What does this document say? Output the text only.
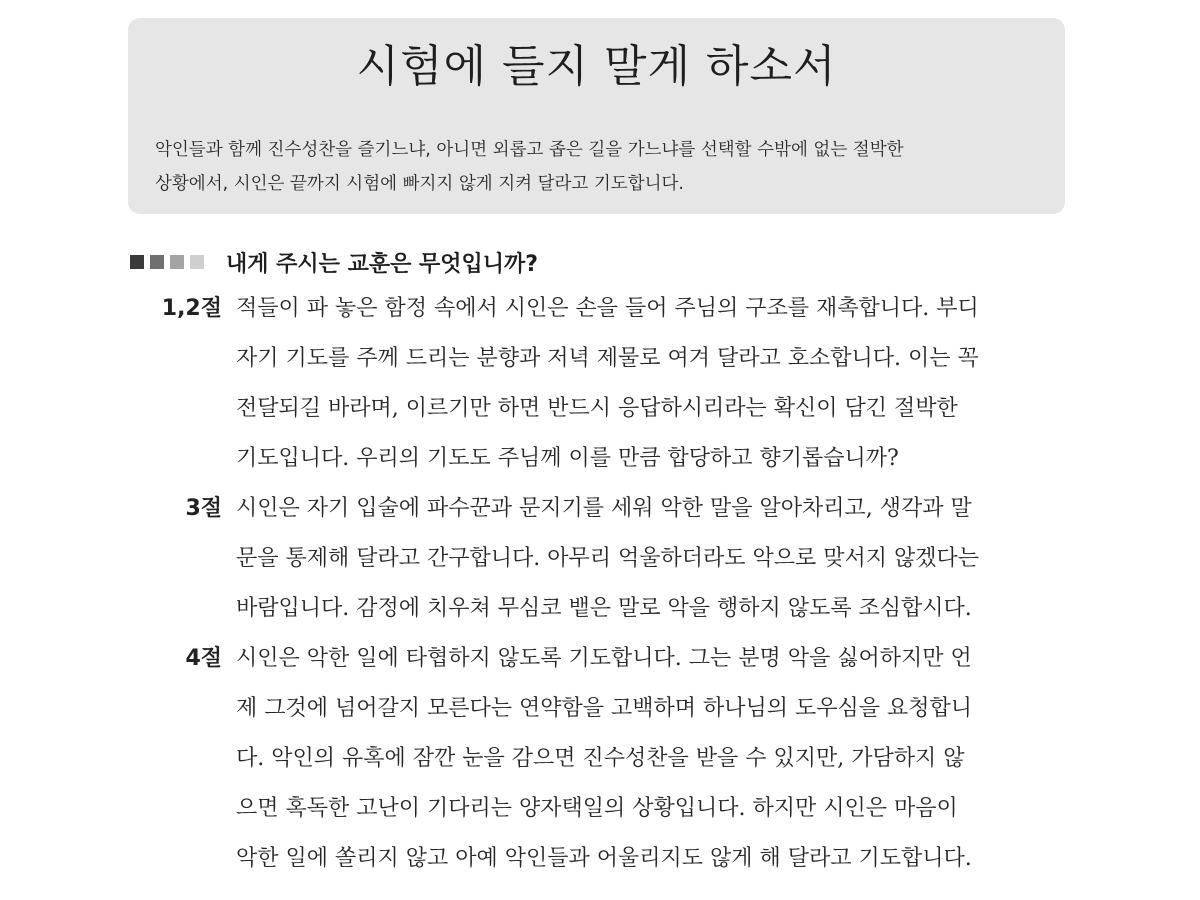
시험에 들지 말게 하소서

악인들과 함께 진수성찬을 즐기느냐, 아니면 외롭고 좁은 길을 가느냐를 선택할 수밖에 없는 절박한
상황에서, 시인은 끝까지 시험에 빠지지 않게 지켜 달라고 기도합니다.

내게 주시는 교훈은 무엇입니까?
1,2절 적들이 파 놓은 함정 속에서 시인은 손을 들어 주님의 구조를 재촉합니다. 부디
자기 기도를 주께 드리는 분향과 저녁 제물로 여겨 달라고 호소합니다. 이는 꼭
전달되길 바라며, 이르기만 하면 반드시 응답하시리라는 확신이 담긴 절박한
기도입니다. 우리의 기도도 주님께 이를 만큼 합당하고 향기롭습니까?
3절 시인은 자기 입술에 파수꾼과 문지기를 세워 악한 말을 알아차리고, 생각과 말
문을 통제해 달라고 간구합니다. 아무리 억울하더라도 악으로 맞서지 않겠다는
바람입니다. 감정에 치우쳐 무심코 뱉은 말로 악을 행하지 않도록 조심합시다.
4절 시인은 악한 일에 타협하지 않도록 기도합니다. 그는 분명 악을 싫어하지만 언
제 그것에 넘어갈지 모른다는 연약함을 고백하며 하나님의 도우심을 요청합니
다. 악인의 유혹에 잠깐 눈을 감으면 진수성찬을 받을 수 있지만, 가담하지 않
으면 혹독한 고난이 기다리는 양자택일의 상황입니다. 하지만 시인은 마음이
악한 일에 쏠리지 않고 아예 악인들과 어울리지도 않게 해 달라고 기도합니다.
